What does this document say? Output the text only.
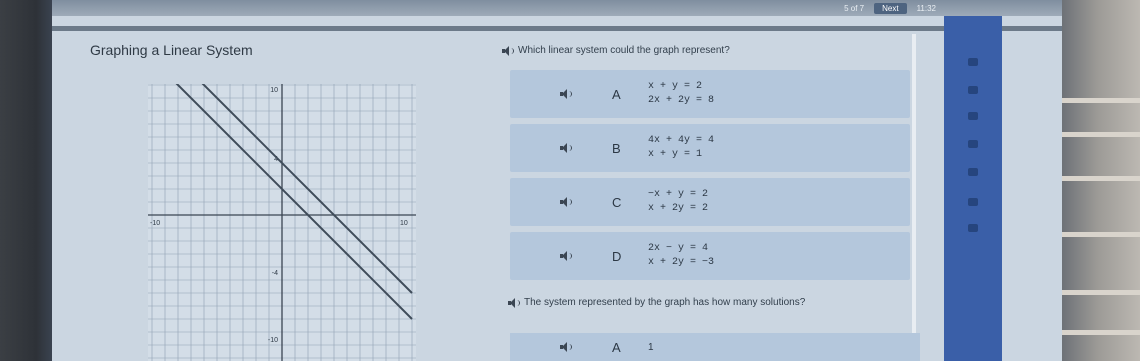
5 of 7	Next	11:32
Graphing a Linear System
10
4
-4
-10
-10	10
Which linear system could the graph represent?
A	x + y = 2
2x + 2y = 8
B	4x + 4y = 4
x + y = 1
C	−x + y = 2
x + 2y = 2
D	2x − y = 4
x + 2y = −3
The system represented by the graph has how many solutions?
A	1
